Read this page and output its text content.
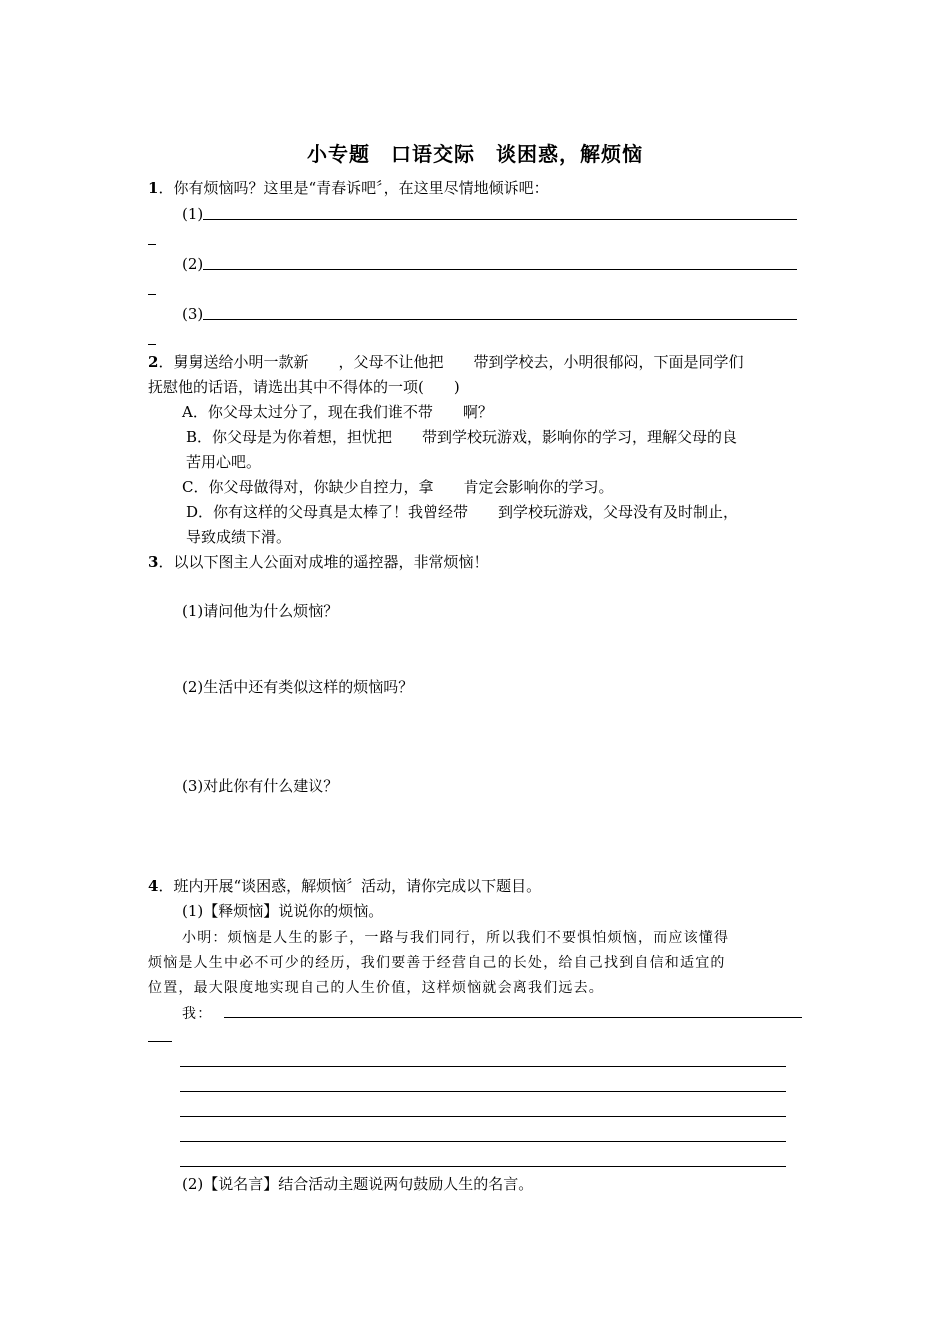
小专题　口语交际　谈困惑，解烦恼
1．你有烦恼吗？这里是“青春诉吧〞，在这里尽情地倾诉吧：
(1)
(2)
(3)
2．舅舅送给小明一款新　　，父母不让他把　　带到学校去，小明很郁闷，下面是同学们
抚慰他的话语，请选出其中不得体的一项(　　)
A．你父母太过分了，现在我们谁不带　　啊？
B．你父母是为你着想，担忧把　　带到学校玩游戏，影响你的学习，理解父母的良
苦用心吧。
C．你父母做得对，你缺少自控力，拿　　肯定会影响你的学习。
D．你有这样的父母真是太棒了！我曾经带　　到学校玩游戏，父母没有及时制止，
导致成绩下滑。
3．以以下图主人公面对成堆的遥控器，非常烦恼！
(1)请问他为什么烦恼？
(2)生活中还有类似这样的烦恼吗？
(3)对此你有什么建议？
4．班内开展“谈困惑，解烦恼〞活动，请你完成以下题目。
(1)【释烦恼】说说你的烦恼。
小明：烦恼是人生的影子，一路与我们同行，所以我们不要惧怕烦恼，而应该懂得
烦恼是人生中必不可少的经历，我们要善于经营自己的长处，给自己找到自信和适宜的
位置，最大限度地实现自己的人生价值，这样烦恼就会离我们远去。
我：
(2)【说名言】结合活动主题说两句鼓励人生的名言。
